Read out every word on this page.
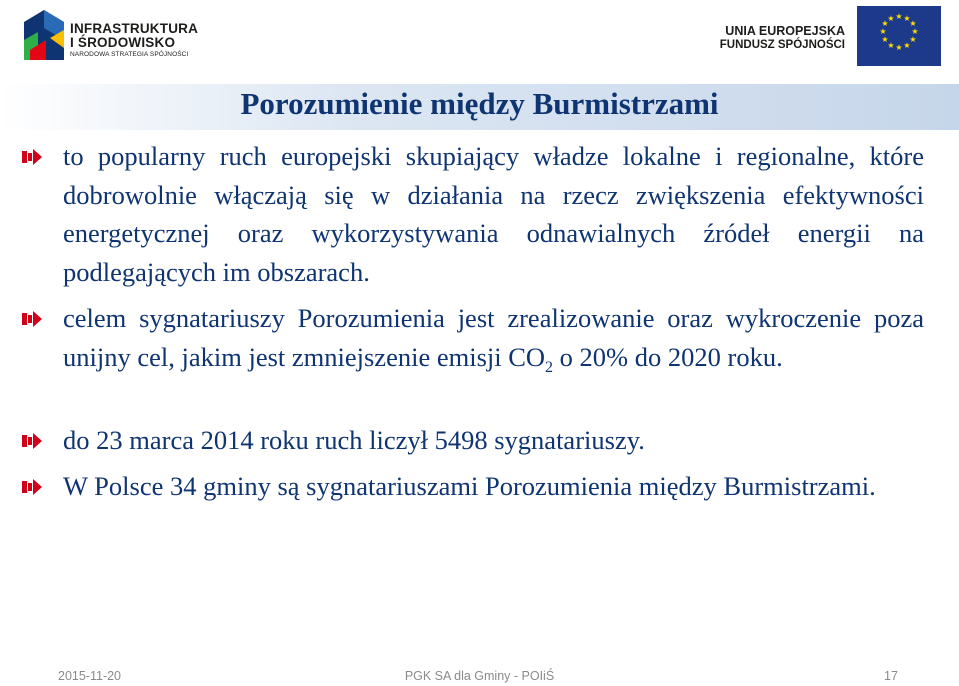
INFRASTRUKTURA
I ŚRODOWISKO
NARODOWA STRATEGIA SPÓJNOŚCI
UNIA EUROPEJSKA
FUNDUSZ SPÓJNOŚCI
★ ★
★
★
★
★
★
★
★
★
★
★
Porozumienie między Burmistrzami
to popularny ruch europejski skupiający władze lokalne i regionalne, które dobrowolnie włączają się w działania na rzecz zwiększenia efektywności energetycznej oraz wykorzystywania odnawialnych źródeł energii na podlegających im obszarach.
celem sygnatariuszy Porozumienia jest zrealizowanie oraz wykroczenie poza unijny cel, jakim jest zmniejszenie emisji $CO_2$ o 20% do 2020 roku.
do 23 marca 2014 roku ruch liczył 5498 sygnatariuszy.
W Polsce 34 gminy są sygnatariuszami Porozumienia między Burmistrzami.
2015-11-20	PGK SA dla Gminy - POIiŚ	17
